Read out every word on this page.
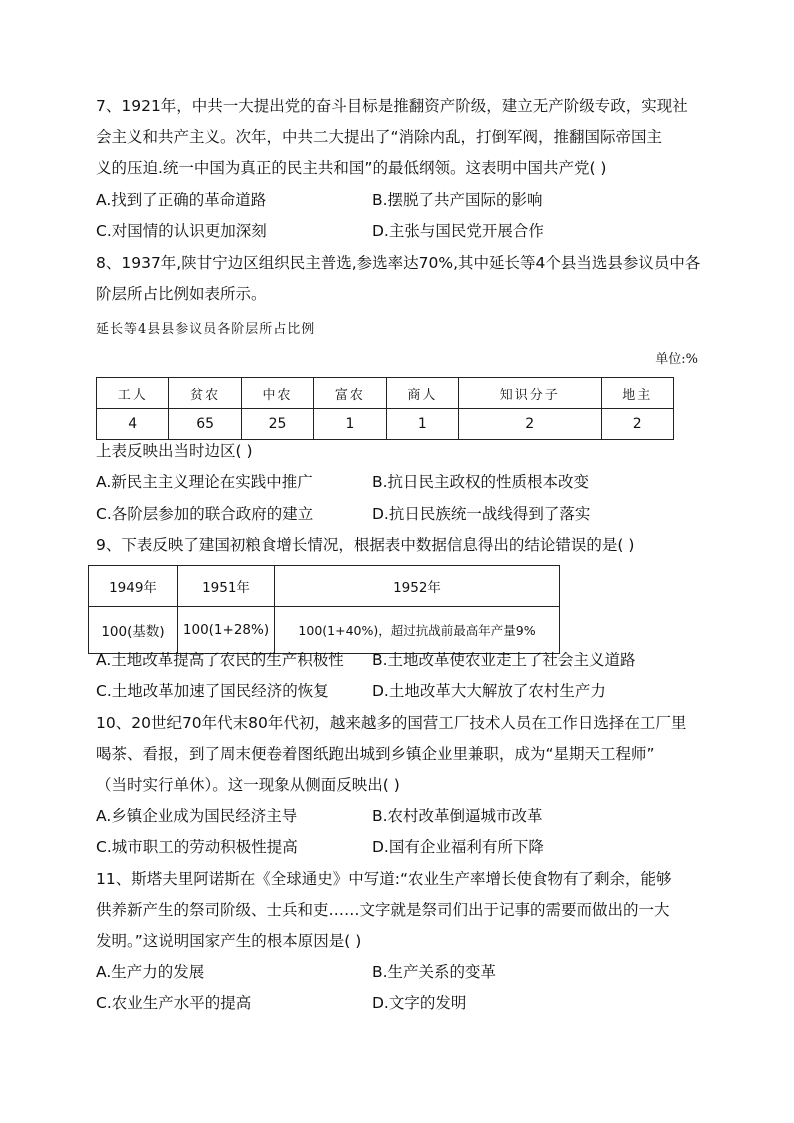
7、1921年，中共一大提出党的奋斗目标是推翻资产阶级，建立无产阶级专政，实现社
会主义和共产主义。次年，中共二大提出了“消除内乱，打倒军阀，推翻国际帝国主
义的压迫.统一中国为真正的民主共和国”的最低纲领。这表明中国共产党( )
A.找到了正确的革命道路	B.摆脱了共产国际的影响
C.对国情的认识更加深刻	D.主张与国民党开展合作
8、1937年,陕甘宁边区组织民主普选,参选率达70%,其中延长等4个县当选县参议员中各
阶层所占比例如表所示。
延长等4县县参议员各阶层所占比例
单位:%
工人	贫农	中农	富农	商人	知识分子	地主
4	65	25	1	1	2	2
上表反映出当时边区( )
A.新民主主义理论在实践中推广	B.抗日民主政权的性质根本改变
C.各阶层参加的联合政府的建立	D.抗日民族统一战线得到了落实
9、下表反映了建国初粮食增长情况，根据表中数据信息得出的结论错误的是( )
1949年	1951年	1952年
100(基数)	100(1+28%)	100(1+40%)，超过抗战前最高年产量9%
A.土地改革提高了农民的生产积极性 B.土地改革使农业走上了社会主义道路
C.土地改革加速了国民经济的恢复	D.土地改革大大解放了农村生产力
10、20世纪70年代末80年代初，越来越多的国营工厂技术人员在工作日选择在工厂里
喝茶、看报，到了周末便卷着图纸跑出城到乡镇企业里兼职，成为“星期天工程师”
（当时实行单休）。这一现象从侧面反映出( )
A.乡镇企业成为国民经济主导	B.农村改革倒逼城市改革
C.城市职工的劳动积极性提高	D.国有企业福利有所下降
11、斯塔夫里阿诺斯在《全球通史》中写道:“农业生产率增长使食物有了剩余，能够
供养新产生的祭司阶级、士兵和吏……文字就是祭司们出于记事的需要而做出的一大
发明。”这说明国家产生的根本原因是( )
A.生产力的发展	B.生产关系的变革
C.农业生产水平的提高	D.文字的发明
